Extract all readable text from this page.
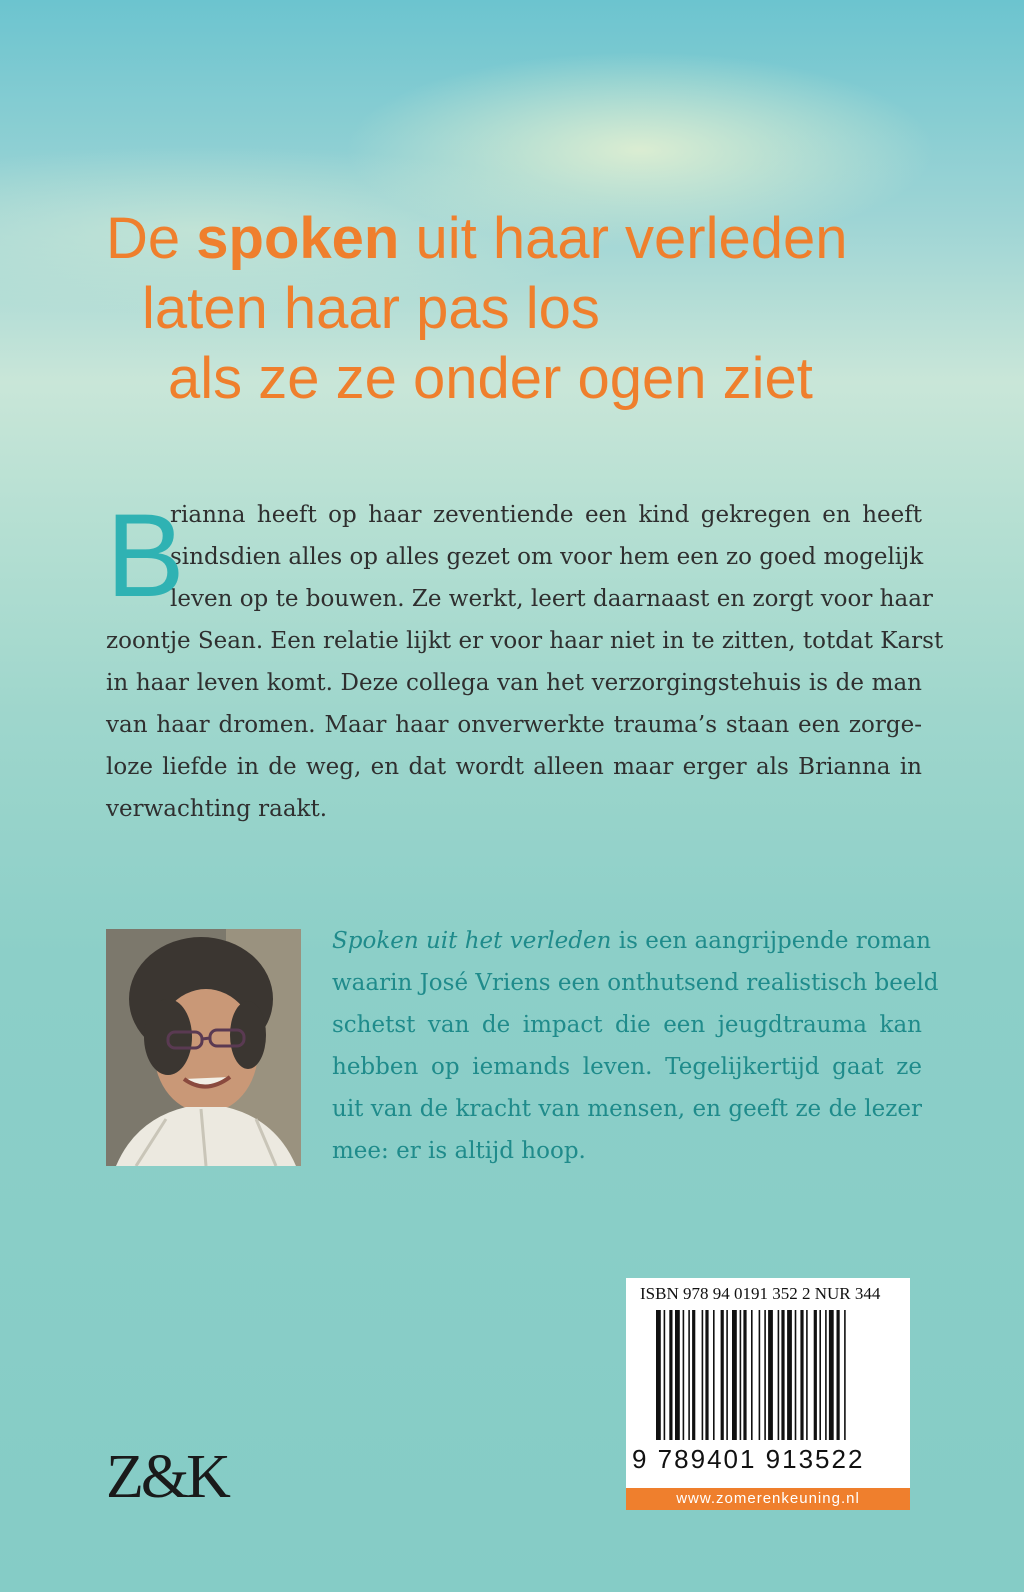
De spoken uit haar verleden
laten haar pas los
als ze ze onder ogen ziet
B
rianna heeft op haar zeventiende een kind gekregen en heeft
sindsdien alles op alles gezet om voor hem een zo goed mogelijk
leven op te bouwen. Ze werkt, leert daarnaast en zorgt voor haar
zoontje Sean. Een relatie lijkt er voor haar niet in te zitten, totdat Karst
in haar leven komt. Deze collega van het verzorgingstehuis is de man
van haar dromen. Maar haar onverwerkte trauma’s staan een zorge-
loze liefde in de weg, en dat wordt alleen maar erger als Brianna in
verwachting raakt.
Spoken uit het verleden is een aangrijpende roman
waarin José Vriens een onthutsend realistisch beeld
schetst van de impact die een jeugdtrauma kan
hebben op iemands leven. Tegelijkertijd gaat ze
uit van de kracht van mensen, en geeft ze de lezer
mee: er is altijd hoop.
Z&K
ISBN 978 94 0191 352 2 NUR 344
9 789401 913522
www.zomerenkeuning.nl
